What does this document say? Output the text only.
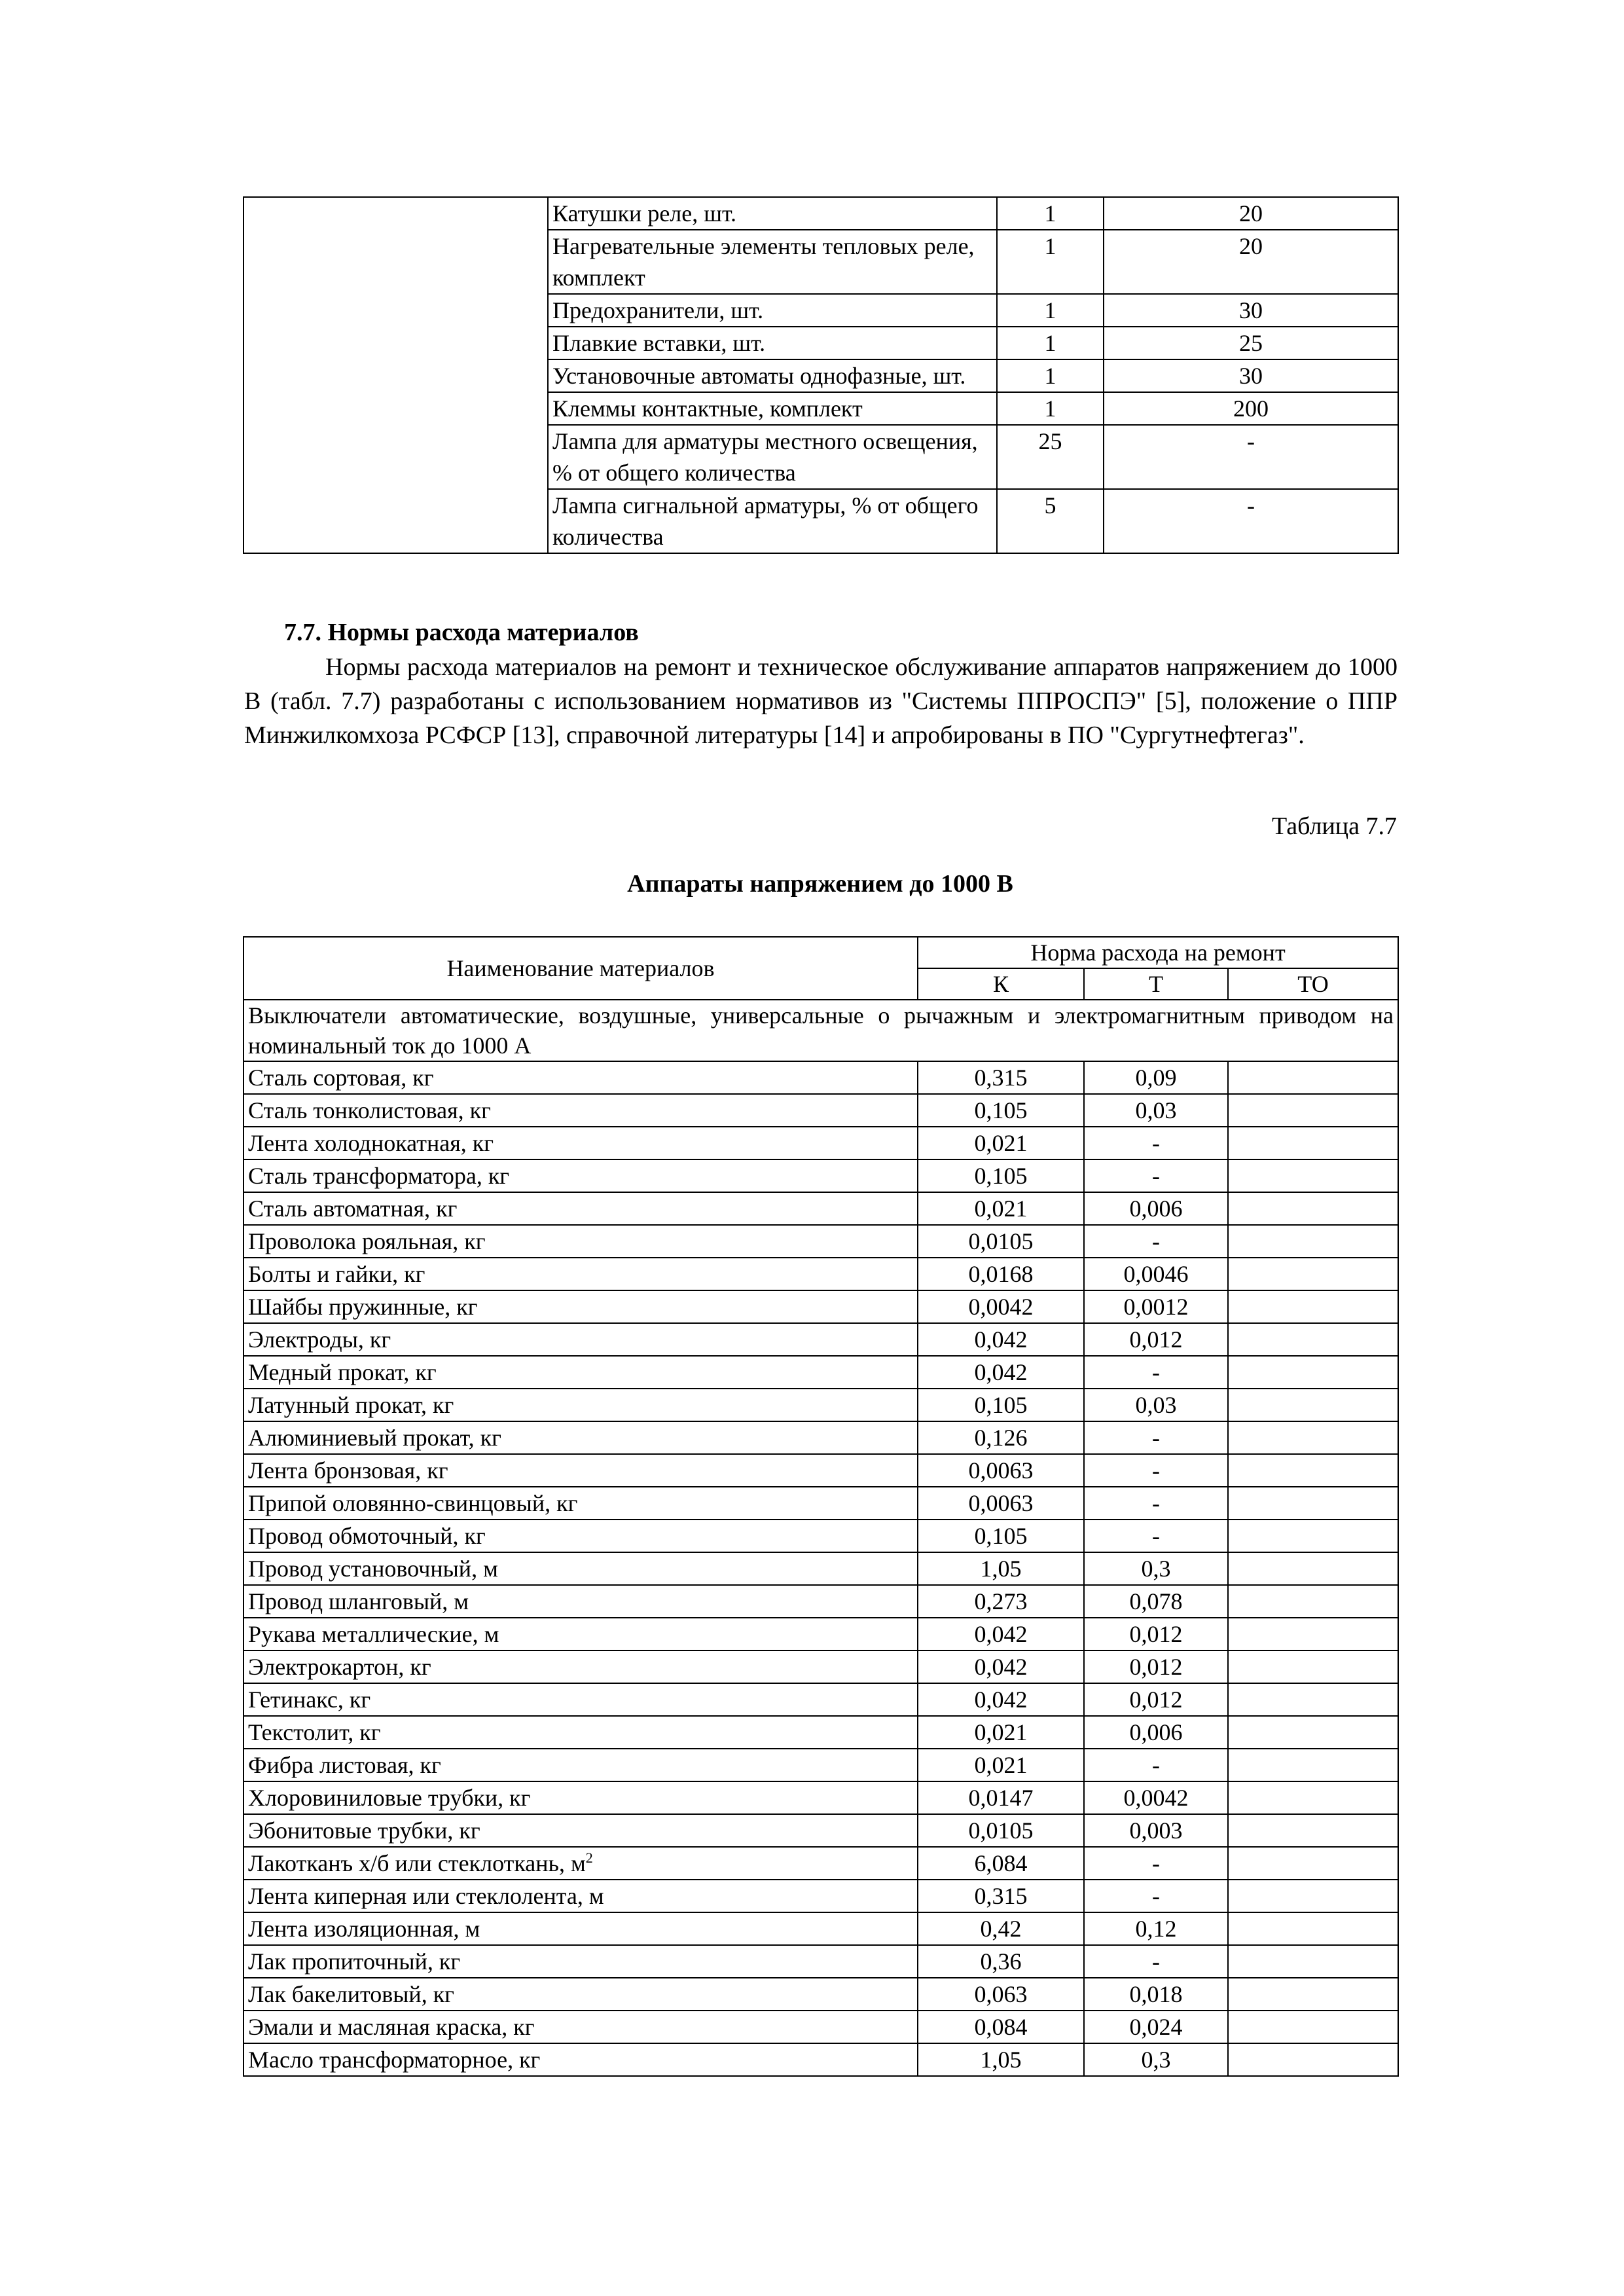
	Катушки реле, шт.	1	20
	Нагревательные элементы тепловых реле, комплект	1	20
	Предохранители, шт.	1	30
	Плавкие вставки, шт.	1	25
	Установочные автоматы однофазные, шт.	1	30
	Клеммы контактные, комплект	1	200
	Лампа для арматуры местного освещения, % от общего количества	25	-
	Лампа сигнальной арматуры, % от общего количества	5	-
7.7. Нормы расхода материалов
Нормы расхода материалов на ремонт и техническое обслуживание аппаратов напряжением до 1000 В (табл. 7.7) разработаны с использованием нормативов из "Системы ППРОСПЭ" [5], положение о ППР Минжилкомхоза РСФСР [13], справочной литературы [14] и апробированы в ПО "Сургутнефтегаз".
Таблица 7.7
Аппараты напряжением до 1000 В
Наименование материалов	Норма расхода на ремонт		
	К	Т	ТО
Выключатели автоматические, воздушные, универсальные о рычажным и электромагнитным приводом на номинальный ток до 1000 А			
Сталь сортовая, кг	0,315	0,09	
Сталь тонколистовая, кг	0,105	0,03	
Лента холоднокатная, кг	0,021	-	
Сталь трансформатора, кг	0,105	-	
Сталь автоматная, кг	0,021	0,006	
Проволока рояльная, кг	0,0105	-	
Болты и гайки, кг	0,0168	0,0046	
Шайбы пружинные, кг	0,0042	0,0012	
Электроды, кг	0,042	0,012	
Медный прокат, кг	0,042	-	
Латунный прокат, кг	0,105	0,03	
Алюминиевый прокат, кг	0,126	-	
Лента бронзовая, кг	0,0063	-	
Припой оловянно-свинцовый, кг	0,0063	-	
Провод обмоточный, кг	0,105	-	
Провод установочный, м	1,05	0,3	
Провод шланговый, м	0,273	0,078	
Рукава металлические, м	0,042	0,012	
Электрокартон, кг	0,042	0,012	
Гетинакс, кг	0,042	0,012	
Текстолит, кг	0,021	0,006	
Фибра листовая, кг	0,021	-	
Хлоровиниловые трубки, кг	0,0147	0,0042	
Эбонитовые трубки, кг	0,0105	0,003	
Лакотканъ х/б или стеклоткань, $м^2$	6,084	-	
Лента киперная или стеклолента, м	0,315	-	
Лента изоляционная, м	0,42	0,12	
Лак пропиточный, кг	0,36	-	
Лак бакелитовый, кг	0,063	0,018	
Эмали и масляная краска, кг	0,084	0,024	
Масло трансформаторное, кг	1,05	0,3	
